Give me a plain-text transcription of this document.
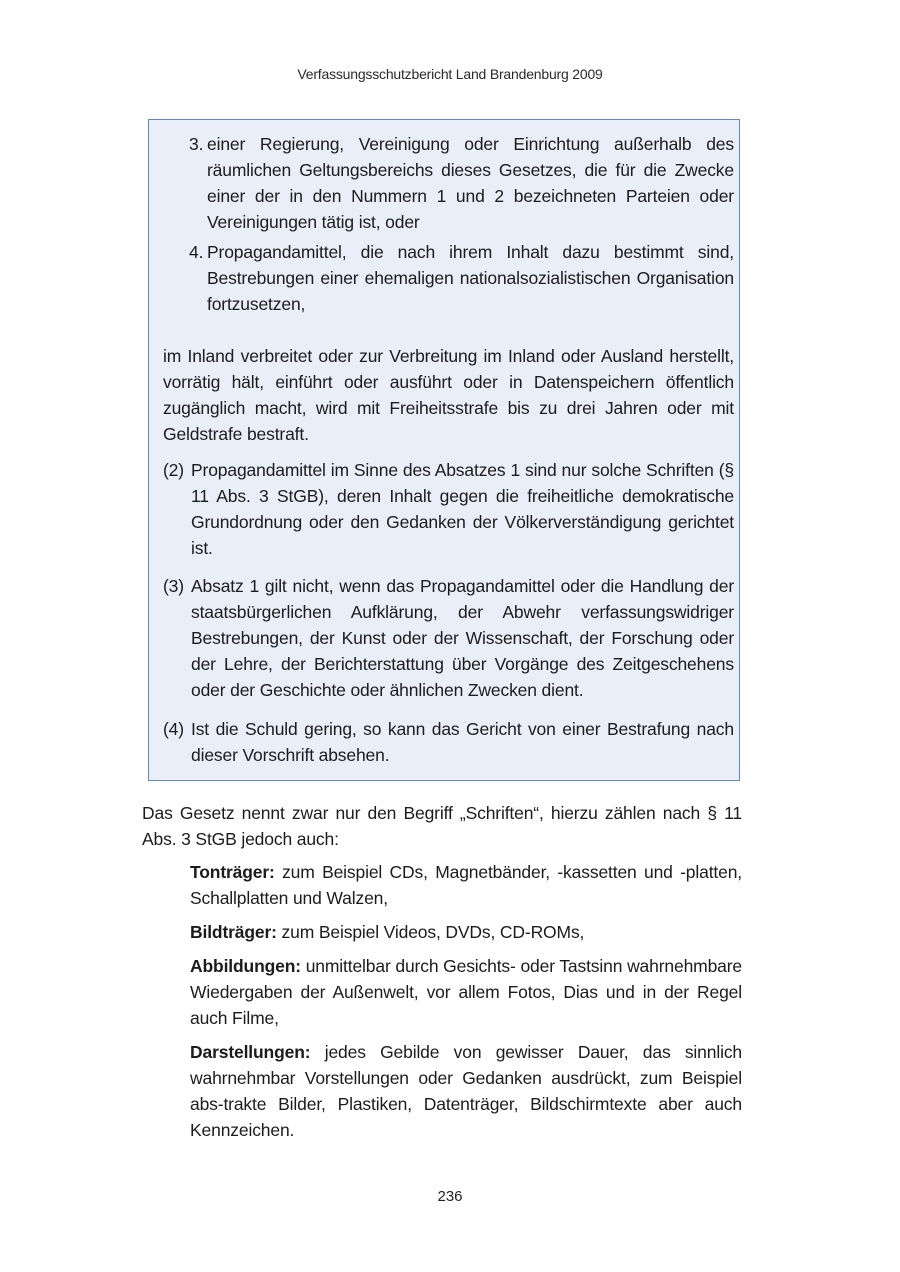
Verfassungsschutzbericht Land Brandenburg 2009
3. einer Regierung, Vereinigung oder Einrichtung außerhalb des räumlichen Geltungsbereichs dieses Gesetzes, die für die Zwecke einer der in den Nummern 1 und 2 bezeichneten Parteien oder Vereinigungen tätig ist, oder
4. Propagandamittel, die nach ihrem Inhalt dazu bestimmt sind, Bestrebungen einer ehemaligen nationalsozialistischen Organisation fortzusetzen,
im Inland verbreitet oder zur Verbreitung im Inland oder Ausland herstellt, vorrätig hält, einführt oder ausführt oder in Datenspeichern öffentlich zugänglich macht, wird mit Freiheitsstrafe bis zu drei Jahren oder mit Geldstrafe bestraft.
(2) Propagandamittel im Sinne des Absatzes 1 sind nur solche Schriften (§ 11 Abs. 3 StGB), deren Inhalt gegen die freiheitliche demokratische Grundordnung oder den Gedanken der Völkerverständigung gerichtet ist.
(3) Absatz 1 gilt nicht, wenn das Propagandamittel oder die Handlung der staatsbürgerlichen Aufklärung, der Abwehr verfassungswidriger Bestrebungen, der Kunst oder der Wissenschaft, der Forschung oder der Lehre, der Berichterstattung über Vorgänge des Zeitgeschehens oder der Geschichte oder ähnlichen Zwecken dient.
(4) Ist die Schuld gering, so kann das Gericht von einer Bestrafung nach dieser Vorschrift absehen.
Das Gesetz nennt zwar nur den Begriff „Schriften“, hierzu zählen nach § 11 Abs. 3 StGB jedoch auch:
Tonträger: zum Beispiel CDs, Magnetbänder, -kassetten und -platten, Schallplatten und Walzen,
Bildträger: zum Beispiel Videos, DVDs, CD-ROMs,
Abbildungen: unmittelbar durch Gesichts- oder Tastsinn wahrnehmbare Wiedergaben der Außenwelt, vor allem Fotos, Dias und in der Regel auch Filme,
Darstellungen: jedes Gebilde von gewisser Dauer, das sinnlich wahrnehmbar Vorstellungen oder Gedanken ausdrückt, zum Beispiel abs-trakte Bilder, Plastiken, Datenträger, Bildschirmtexte aber auch Kennzeichen.
236
